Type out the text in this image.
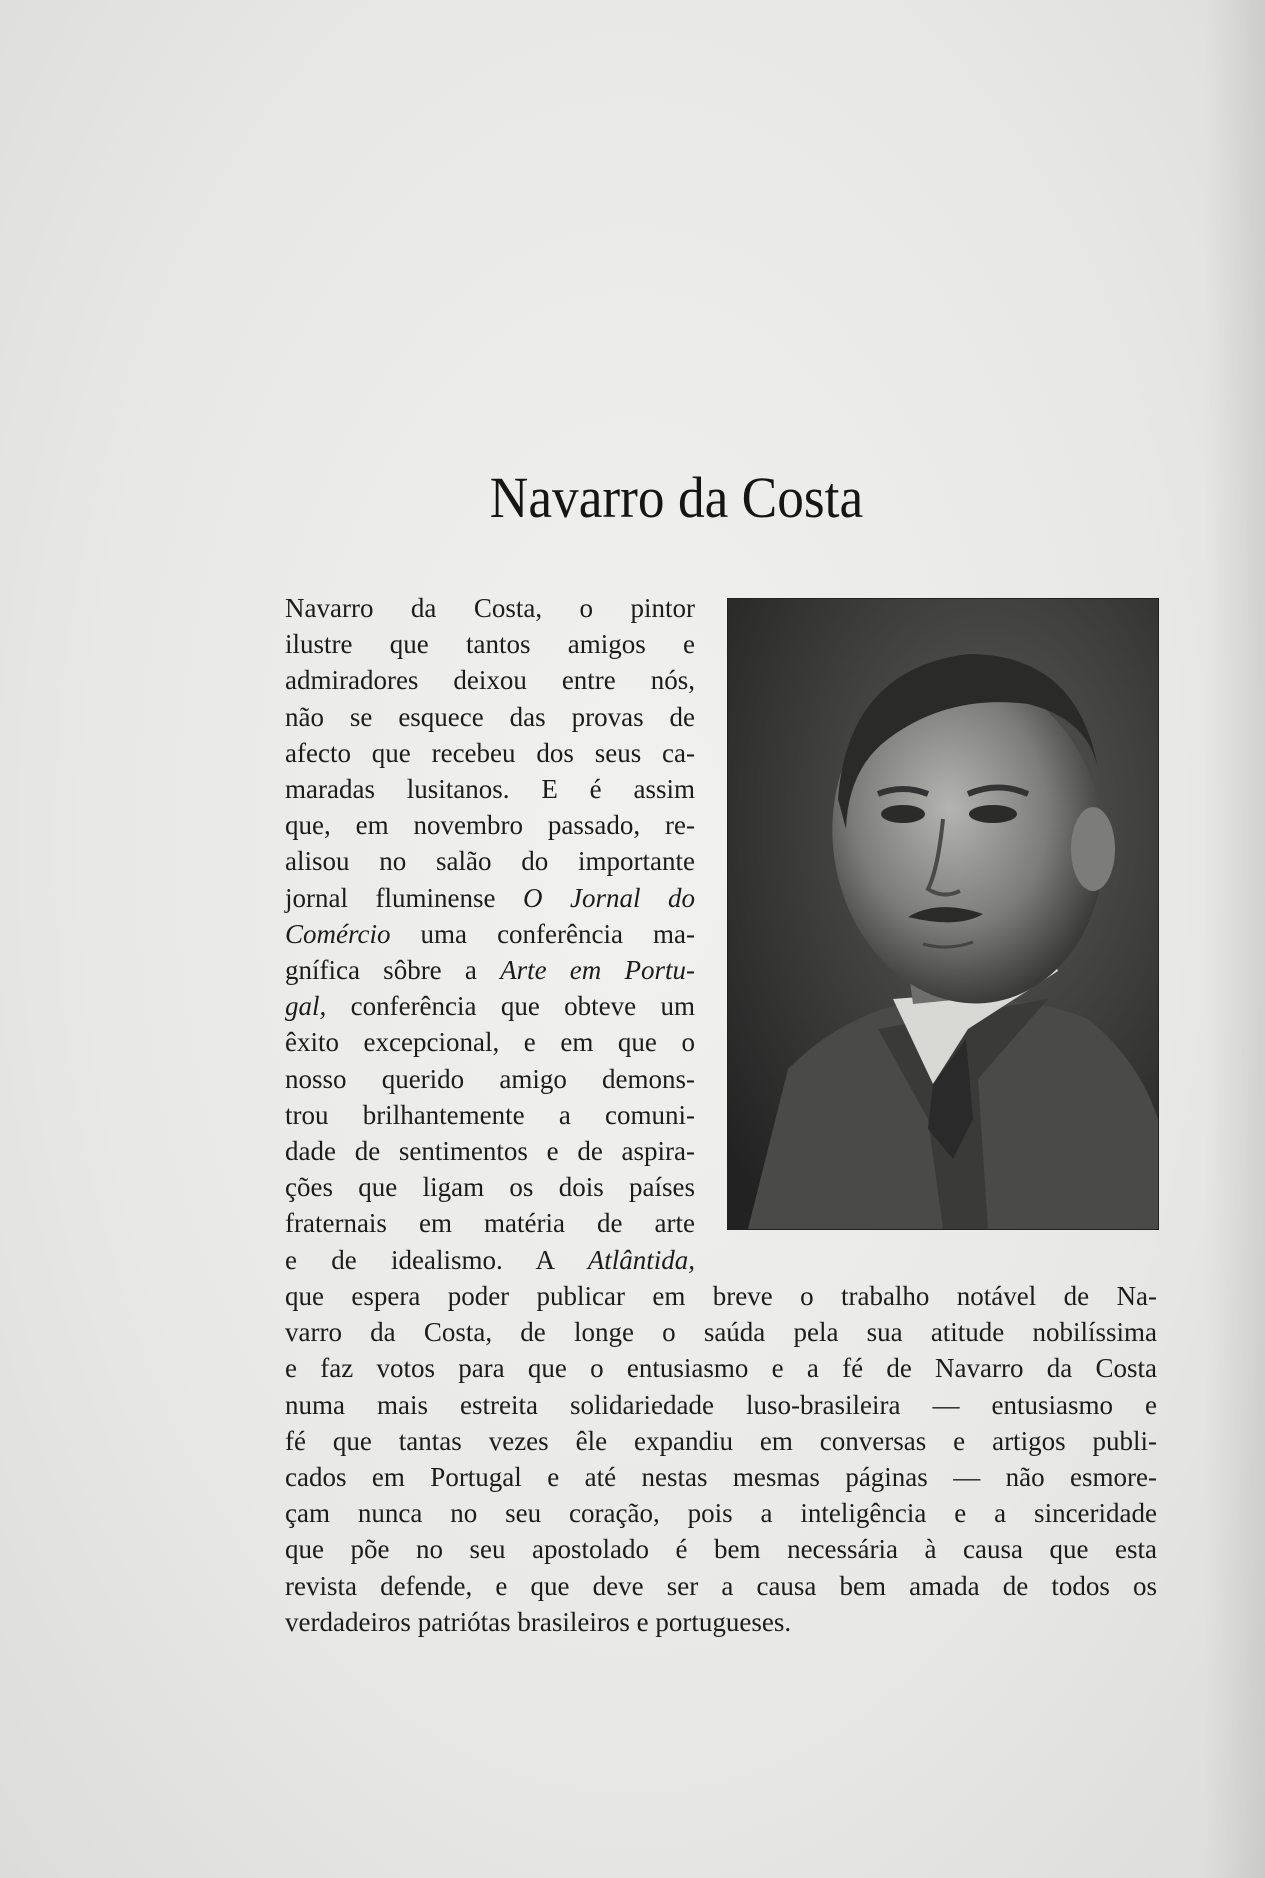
Navarro da Costa
Navarro da Costa, o pintor
ilustre que tantos amigos e
admiradores deixou entre nós,
não se esquece das provas de
afecto que recebeu dos seus ca-
maradas lusitanos. E é assim
que, em novembro passado, re-
alisou no salão do importante
jornal fluminense O Jornal do
Comércio uma conferência ma-
gnífica sôbre a Arte em Portu-
gal, conferência que obteve um
êxito excepcional, e em que o
nosso querido amigo demons-
trou brilhantemente a comuni-
dade de sentimentos e de aspira-
ções que ligam os dois países
fraternais em matéria de arte
e de idealismo. A Atlântida,
que espera poder publicar em breve o trabalho notável de Na-
varro da Costa, de longe o saúda pela sua atitude nobilíssima
e faz votos para que o entusiasmo e a fé de Navarro da Costa
numa mais estreita solidariedade luso-brasileira — entusiasmo e
fé que tantas vezes êle expandiu em conversas e artigos publi-
cados em Portugal e até nestas mesmas páginas — não esmore-
çam nunca no seu coração, pois a inteligência e a sinceridade
que põe no seu apostolado é bem necessária à causa que esta
revista defende, e que deve ser a causa bem amada de todos os
verdadeiros patriótas brasileiros e portugueses.
